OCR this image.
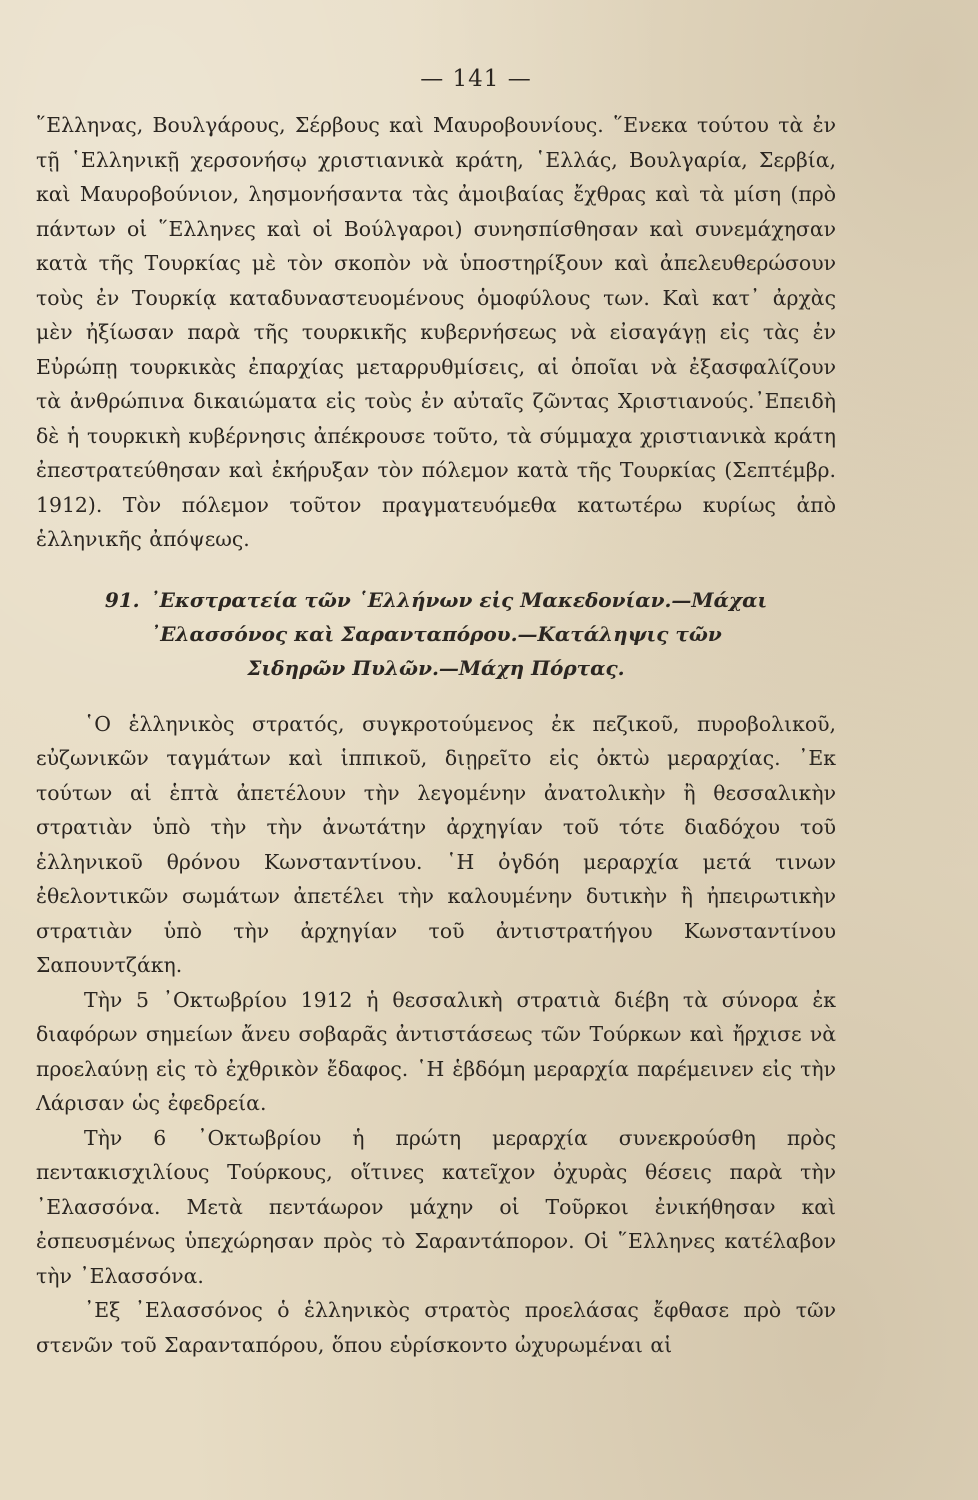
— 141 —

῞Ελληνας, Βουλγάρους, Σέρβους καὶ Μαυροβουνίους. ῞Ενεκα τούτου τὰ ἐν τῇ ῾Ελληνικῇ χερσονήσῳ χριστιανικὰ κράτη, ῾Ελλάς, Βουλγαρία, Σερβία, καὶ Μαυροβούνιον, λησμονήσαντα τὰς ἀμοιβαίας ἔχθρας καὶ τὰ μίση (πρὸ πάντων οἱ ῞Ελληνες καὶ οἱ Βούλγαροι) συνησπίσθησαν καὶ συνεμάχησαν κατὰ τῆς Τουρκίας μὲ τὸν σκοπὸν νὰ ὑποστηρίξουν καὶ ἀπελευθερώσουν τοὺς ἐν Τουρκίᾳ καταδυναστευομένους ὁμοφύλους των. Καὶ κατ᾽ ἀρχὰς μὲν ἠξίωσαν παρὰ τῆς τουρκικῆς κυβερνήσεως νὰ εἰσαγάγῃ εἰς τὰς ἐν Εὐρώπῃ τουρκικὰς ἐπαρχίας μεταρρυθμίσεις, αἱ ὁποῖαι νὰ ἐξασφαλίζουν τὰ ἀνθρώπινα δικαιώματα εἰς τοὺς ἐν αὐταῖς ζῶντας Χριστιανούς.᾿Επειδὴ δὲ ἡ τουρκικὴ κυβέρνησις ἀπέκρουσε τοῦτο, τὰ σύμμαχα χριστιανικὰ κράτη ἐπεστρατεύθησαν καὶ ἐκήρυξαν τὸν πόλεμον κατὰ τῆς Τουρκίας (Σεπτέμβρ. 1912). Τὸν πόλεμον τοῦτον πραγματευόμεθα κατωτέρω κυρίως ἀπὸ ἑλληνικῆς ἀπόψεως.

91. ᾿Εκστρατεία τῶν ῾Ελλήνων εἰς Μακεδονίαν.—Μάχαι
᾿Ελασσόνος καὶ Σαρανταπόρου.—Κατάληψις τῶν
Σιδηρῶν Πυλῶν.—Μάχη Πόρτας.

῾Ο ἑλληνικὸς στρατός, συγκροτούμενος ἐκ πεζικοῦ, πυροβολικοῦ, εὐζωνικῶν ταγμάτων καὶ ἱππικοῦ, διῃρεῖτο εἰς ὀκτὼ μεραρχίας. ᾿Εκ τούτων αἱ ἑπτὰ ἀπετέλουν τὴν λεγομένην ἀνατολικὴν ἢ θεσσαλικὴν στρατιὰν ὑπὸ τὴν τὴν ἀνωτάτην ἀρχηγίαν τοῦ τότε διαδόχου τοῦ ἑλληνικοῦ θρόνου Κωνσταντίνου. ῾Η ὀγδόη μεραρχία μετά τινων ἐθελοντικῶν σωμάτων ἀπετέλει τὴν καλουμένην δυτικὴν ἢ ἠπειρωτικὴν στρατιὰν ὑπὸ τὴν ἀρχηγίαν τοῦ ἀντιστρατήγου Κωνσταντίνου Σαπουντζάκη.

Τὴν 5 ᾿Οκτωβρίου 1912 ἡ θεσσαλικὴ στρατιὰ διέβη τὰ σύνορα ἐκ διαφόρων σημείων ἄνευ σοβαρᾶς ἀντιστάσεως τῶν Τούρκων καὶ ἤρχισε νὰ προελαύνῃ εἰς τὸ ἐχθρικὸν ἔδαφος. ῾Η ἑβδόμη μεραρχία παρέμεινεν εἰς τὴν Λάρισαν ὡς ἐφεδρεία.

Τὴν 6 ᾿Οκτωβρίου ἡ πρώτη μεραρχία συνεκρούσθη πρὸς πεντακισχιλίους Τούρκους, οἵτινες κατεῖχον ὀχυρὰς θέσεις παρὰ τὴν ᾿Ελασσόνα. Μετὰ πεντάωρον μάχην οἱ Τοῦρκοι ἐνικήθησαν καὶ ἐσπευσμένως ὑπεχώρησαν πρὸς τὸ Σαραντάπορον. Οἱ ῞Ελληνες κατέλαβον τὴν ᾿Ελασσόνα.

᾿Εξ ᾿Ελασσόνος ὁ ἑλληνικὸς στρατὸς προελάσας ἔφθασε πρὸ τῶν στενῶν τοῦ Σαρανταπόρου, ὅπου εὑρίσκοντο ὠχυρωμέναι αἱ
